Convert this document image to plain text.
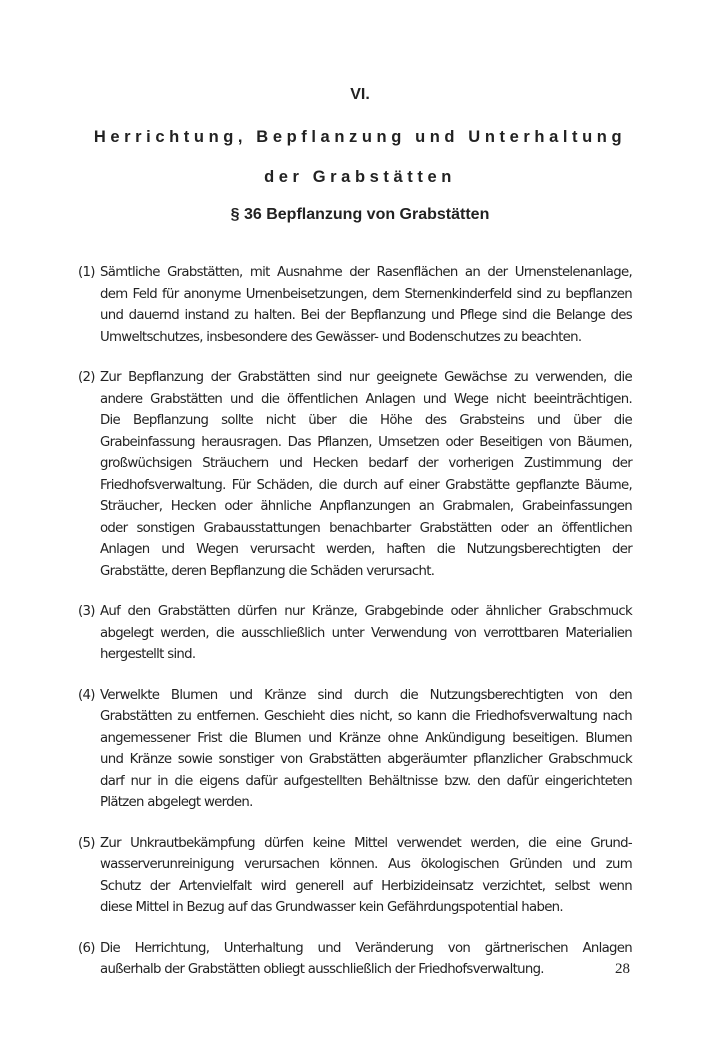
VI.
Herrichtung, Bepflanzung und Unterhaltung
der Grabstätten
§ 36 Bepflanzung von Grabstätten
(1) Sämtliche Grabstätten, mit Ausnahme der Rasenflächen an der Urnenstelenanlage,
dem Feld für anonyme Urnenbeisetzungen, dem Sternenkinderfeld sind zu bepflanzen
und dauernd instand zu halten. Bei der Bepflanzung und Pflege sind die Belange des
Umweltschutzes, insbesondere des Gewässer- und Bodenschutzes zu beachten.
(2) Zur Bepflanzung der Grabstätten sind nur geeignete Gewächse zu verwenden, die
andere Grabstätten und die öffentlichen Anlagen und Wege nicht beeinträchtigen.
Die Bepflanzung sollte nicht über die Höhe des Grabsteins und über die
Grabeinfassung herausragen. Das Pflanzen, Umsetzen oder Beseitigen von Bäumen,
großwüchsigen Sträuchern und Hecken bedarf der vorherigen Zustimmung der
Friedhofsverwaltung. Für Schäden, die durch auf einer Grabstätte gepflanzte Bäume,
Sträucher, Hecken oder ähnliche Anpflanzungen an Grabmalen, Grabeinfassungen
oder sonstigen Grabausstattungen benachbarter Grabstätten oder an öffentlichen
Anlagen und Wegen verursacht werden, haften die Nutzungsberechtigten der
Grabstätte, deren Bepflanzung die Schäden verursacht.
(3) Auf den Grabstätten dürfen nur Kränze, Grabgebinde oder ähnlicher Grabschmuck
abgelegt werden, die ausschließlich unter Verwendung von verrottbaren Materialien
hergestellt sind.
(4) Verwelkte Blumen und Kränze sind durch die Nutzungsberechtigten von den
Grabstätten zu entfernen. Geschieht dies nicht, so kann die Friedhofsverwaltung nach
angemessener Frist die Blumen und Kränze ohne Ankündigung beseitigen. Blumen
und Kränze sowie sonstiger von Grabstätten abgeräumter pflanzlicher Grabschmuck
darf nur in die eigens dafür aufgestellten Behältnisse bzw. den dafür eingerichteten
Plätzen abgelegt werden.
(5) Zur Unkrautbekämpfung dürfen keine Mittel verwendet werden, die eine Grund-
wasserverunreinigung verursachen können. Aus ökologischen Gründen und zum
Schutz der Artenvielfalt wird generell auf Herbizideinsatz verzichtet, selbst wenn
diese Mittel in Bezug auf das Grundwasser kein Gefährdungspotential haben.
(6) Die Herrichtung, Unterhaltung und Veränderung von gärtnerischen Anlagen
außerhalb der Grabstätten obliegt ausschließlich der Friedhofsverwaltung.	28
